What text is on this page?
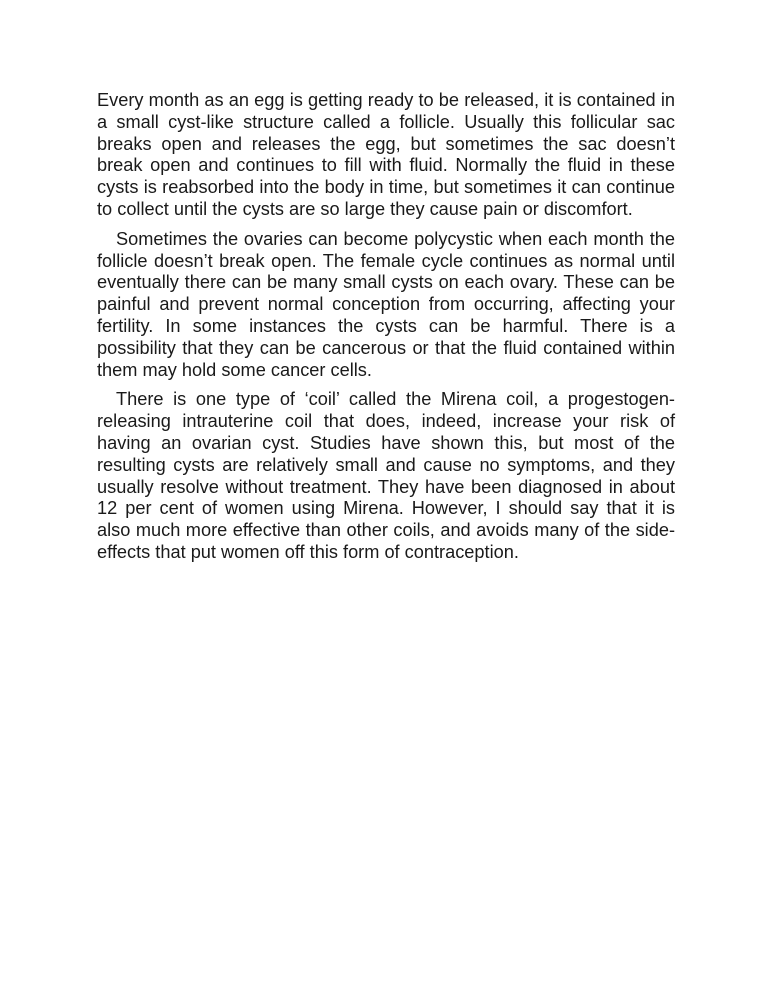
Every month as an egg is getting ready to be released, it is contained in a small cyst-like structure called a follicle. Usually this follicular sac breaks open and releases the egg, but sometimes the sac doesn’t break open and continues to fill with fluid. Normally the fluid in these cysts is reabsorbed into the body in time, but sometimes it can continue to collect until the cysts are so large they cause pain or discomfort.

Sometimes the ovaries can become polycystic when each month the follicle doesn’t break open. The female cycle continues as normal until eventually there can be many small cysts on each ovary. These can be painful and prevent normal conception from occurring, affecting your fertility. In some instances the cysts can be harmful. There is a possibility that they can be cancerous or that the fluid contained within them may hold some cancer cells.

There is one type of ‘coil’ called the Mirena coil, a progestogen-releasing intrauterine coil that does, indeed, increase your risk of having an ovarian cyst. Studies have shown this, but most of the resulting cysts are relatively small and cause no symptoms, and they usually resolve without treatment. They have been diagnosed in about 12 per cent of women using Mirena. However, I should say that it is also much more effective than other coils, and avoids many of the side-effects that put women off this form of contraception.
